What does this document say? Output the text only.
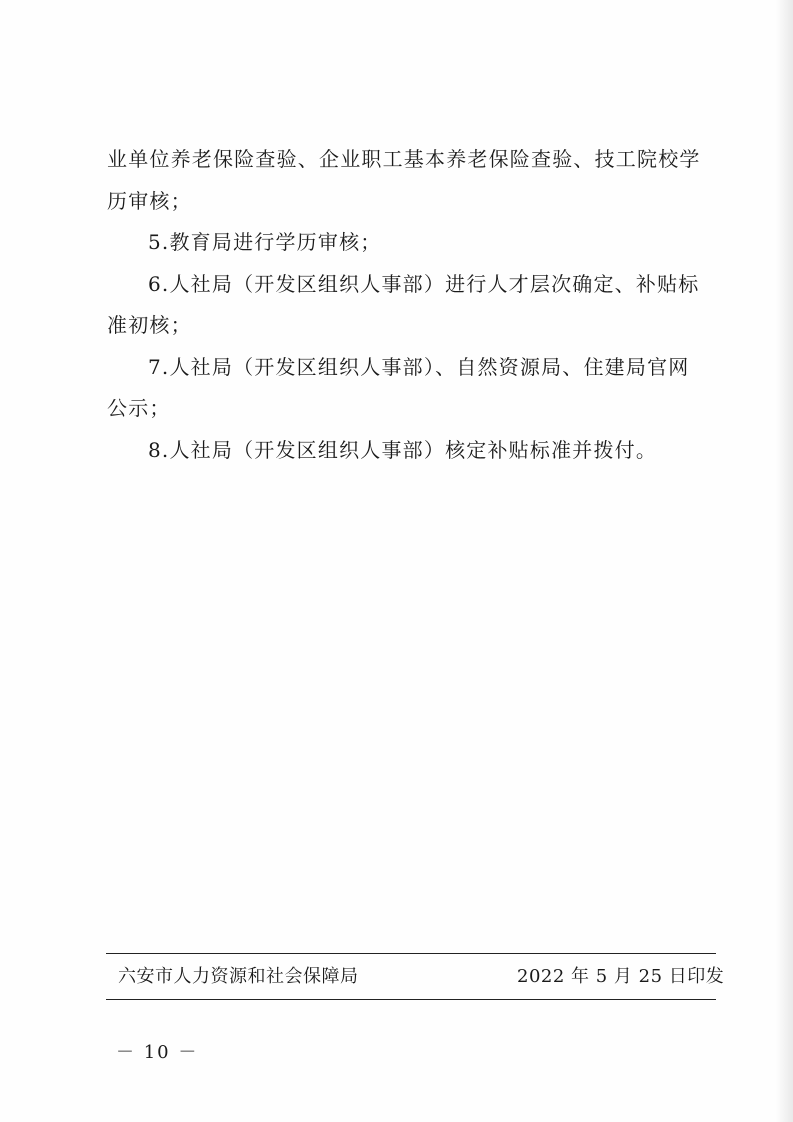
业单位养老保险查验、企业职工基本养老保险查验、技工院校学
历审核；
5.教育局进行学历审核；
6.人社局（开发区组织人事部）进行人才层次确定、补贴标
准初核；
7.人社局（开发区组织人事部）、自然资源局、住建局官网
公示；
8.人社局（开发区组织人事部）核定补贴标准并拨付。
六安市人力资源和社会保障局	2022 年 5 月 25 日印发
－ 10 －
